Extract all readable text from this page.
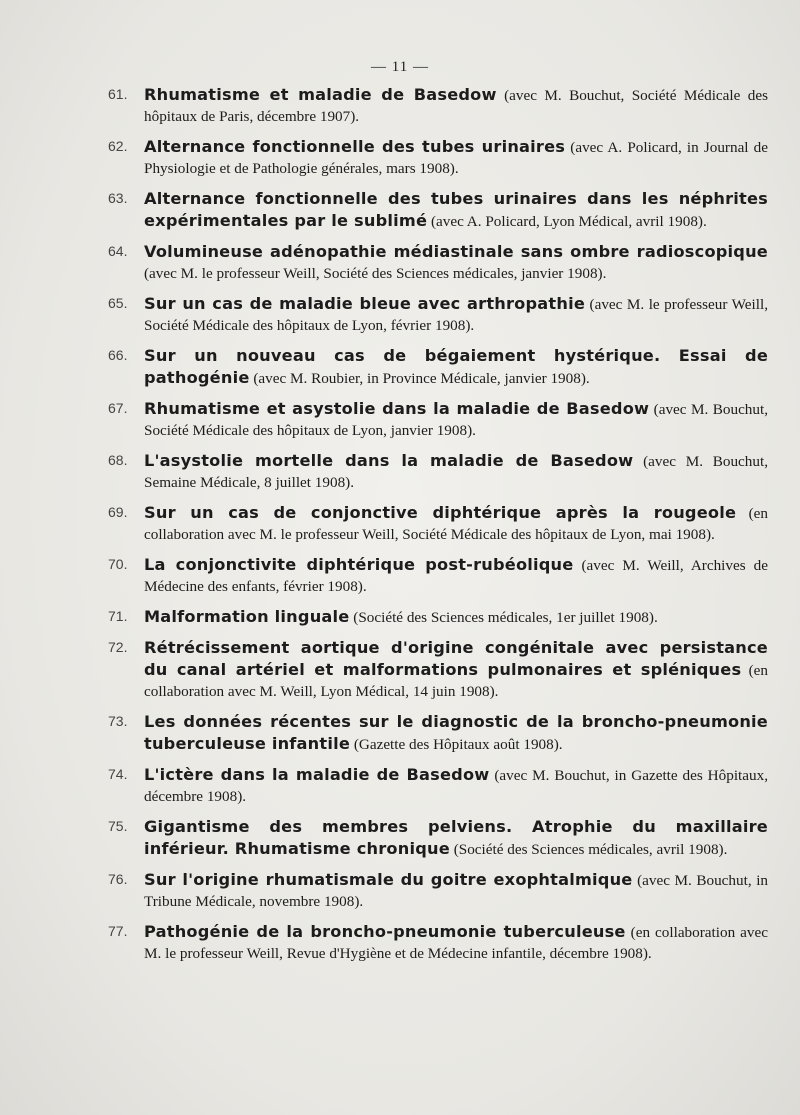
— 11 —
61.	Rhumatisme et maladie de Basedow (avec M. Bouchut, Société Médicale des hôpitaux de Paris, décembre 1907).
62.	Alternance fonctionnelle des tubes urinaires (avec A. Policard, in Journal de Physiologie et de Pathologie générales, mars 1908).
63.	Alternance fonctionnelle des tubes urinaires dans les néphrites expérimentales par le sublimé (avec A. Policard, Lyon Médical, avril 1908).
64.	Volumineuse adénopathie médiastinale sans ombre radioscopique (avec M. le professeur Weill, Société des Sciences médicales, janvier 1908).
65.	Sur un cas de maladie bleue avec arthropathie (avec M. le professeur Weill, Société Médicale des hôpitaux de Lyon, février 1908).
66.	Sur un nouveau cas de bégaiement hystérique. Essai de pathogénie (avec M. Roubier, in Province Médicale, janvier 1908).
67.	Rhumatisme et asystolie dans la maladie de Basedow (avec M. Bouchut, Société Médicale des hôpitaux de Lyon, janvier 1908).
68.	L'asystolie mortelle dans la maladie de Basedow (avec M. Bouchut, Semaine Médicale, 8 juillet 1908).
69.	Sur un cas de conjonctive diphtérique après la rougeole (en collaboration avec M. le professeur Weill, Société Médicale des hôpitaux de Lyon, mai 1908).
70.	La conjonctivite diphtérique post-rubéolique (avec M. Weill, Archives de Médecine des enfants, février 1908).
71.	Malformation linguale (Société des Sciences médicales, 1er juillet 1908).
72.	Rétrécissement aortique d'origine congénitale avec persistance du canal artériel et malformations pulmonaires et spléniques (en collaboration avec M. Weill, Lyon Médical, 14 juin 1908).
73.	Les données récentes sur le diagnostic de la broncho-pneumonie tuberculeuse infantile (Gazette des Hôpitaux août 1908).
74.	L'ictère dans la maladie de Basedow (avec M. Bouchut, in Gazette des Hôpitaux, décembre 1908).
75.	Gigantisme des membres pelviens. Atrophie du maxillaire inférieur. Rhumatisme chronique (Société des Sciences médicales, avril 1908).
76.	Sur l'origine rhumatismale du goitre exophtalmique (avec M. Bouchut, in Tribune Médicale, novembre 1908).
77.	Pathogénie de la broncho-pneumonie tuberculeuse (en collaboration avec M. le professeur Weill, Revue d'Hygiène et de Médecine infantile, décembre 1908).
